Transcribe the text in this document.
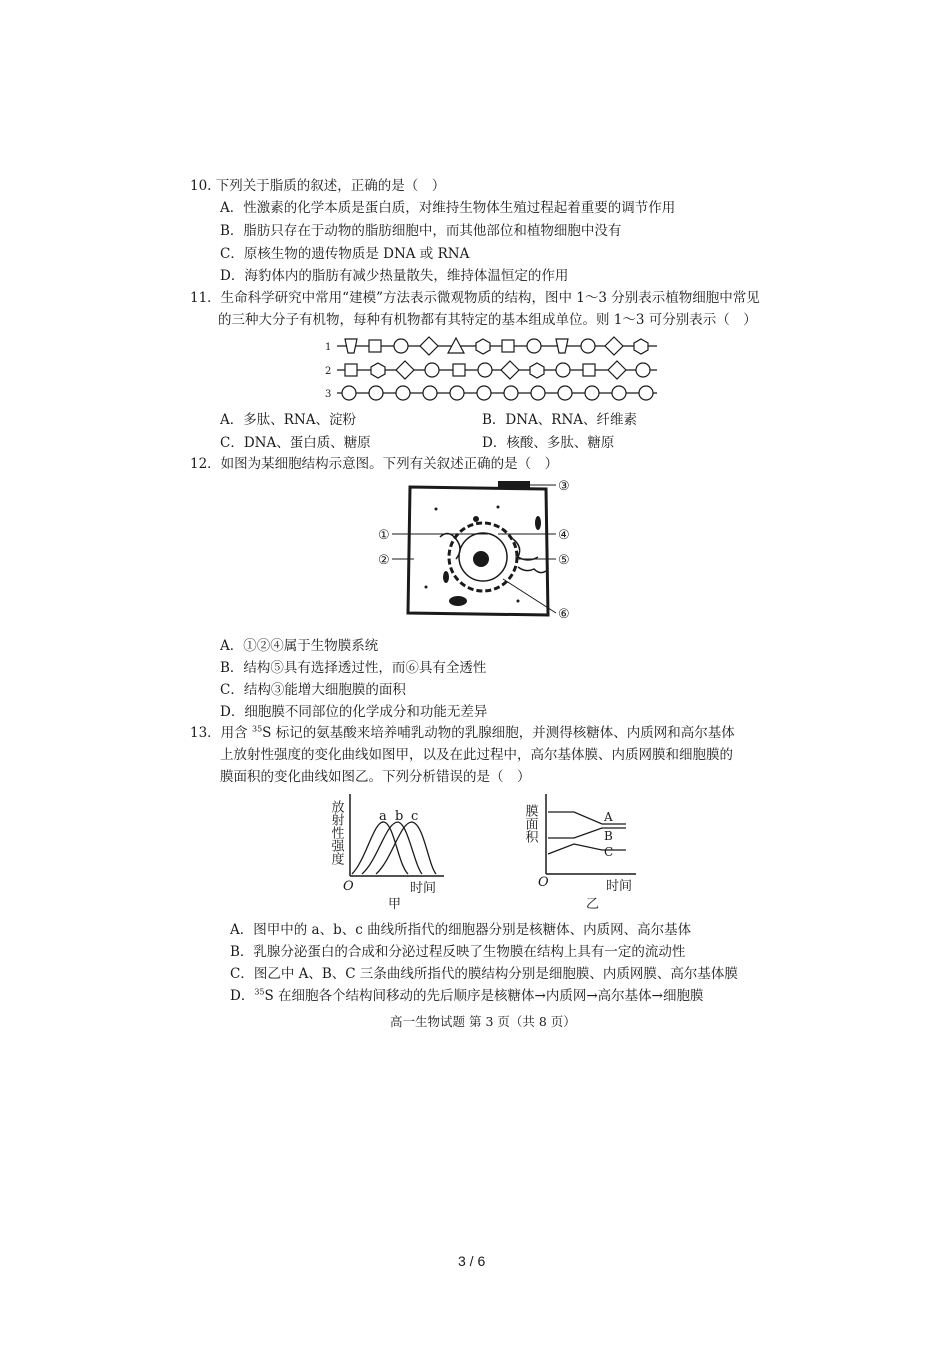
10. 下列关于脂质的叙述，正确的是（　）
A．性激素的化学本质是蛋白质，对维持生物体生殖过程起着重要的调节作用
B．脂肪只存在于动物的脂肪细胞中，而其他部位和植物细胞中没有
C．原核生物的遗传物质是 DNA 或 RNA
D．海豹体内的脂肪有减少热量散失，维持体温恒定的作用
11．生命科学研究中常用“建模”方法表示微观物质的结构，图中 1～3 分别表示植物细胞中常见
的三种大分子有机物，每种有机物都有其特定的基本组成单位。则 1～3 可分别表示（　）
1
2
3
A．多肽、RNA、淀粉	B．DNA、RNA、纤维素
C．DNA、蛋白质、糖原	D．核酸、多肽、糖原
12．如图为某细胞结构示意图。下列有关叙述正确的是（　）
①
②
③
④
⑤
⑥
A．①②④属于生物膜系统
B．结构⑤具有选择透过性，而⑥具有全透性
C．结构③能增大细胞膜的面积
D．细胞膜不同部位的化学成分和功能无差异
13．用含 $^{35}$S 标记的氨基酸来培养哺乳动物的乳腺细胞，并测得核糖体、内质网和高尔基体
上放射性强度的变化曲线如图甲，以及在此过程中，高尔基体膜、内质网膜和细胞膜的
膜面积的变化曲线如图乙。下列分析错误的是（　）
放射性强度	a b c
O	时间
甲
膜面积	A
B
C
O	时间
乙
A．图甲中的 a、b、c 曲线所指代的细胞器分别是核糖体、内质网、高尔基体
B．乳腺分泌蛋白的合成和分泌过程反映了生物膜在结构上具有一定的流动性
C．图乙中 A、B、C 三条曲线所指代的膜结构分别是细胞膜、内质网膜、高尔基体膜
D．$^{35}$S 在细胞各个结构间移动的先后顺序是核糖体→内质网→高尔基体→细胞膜
高一生物试题 第 3 页（共 8 页）
3 / 6
